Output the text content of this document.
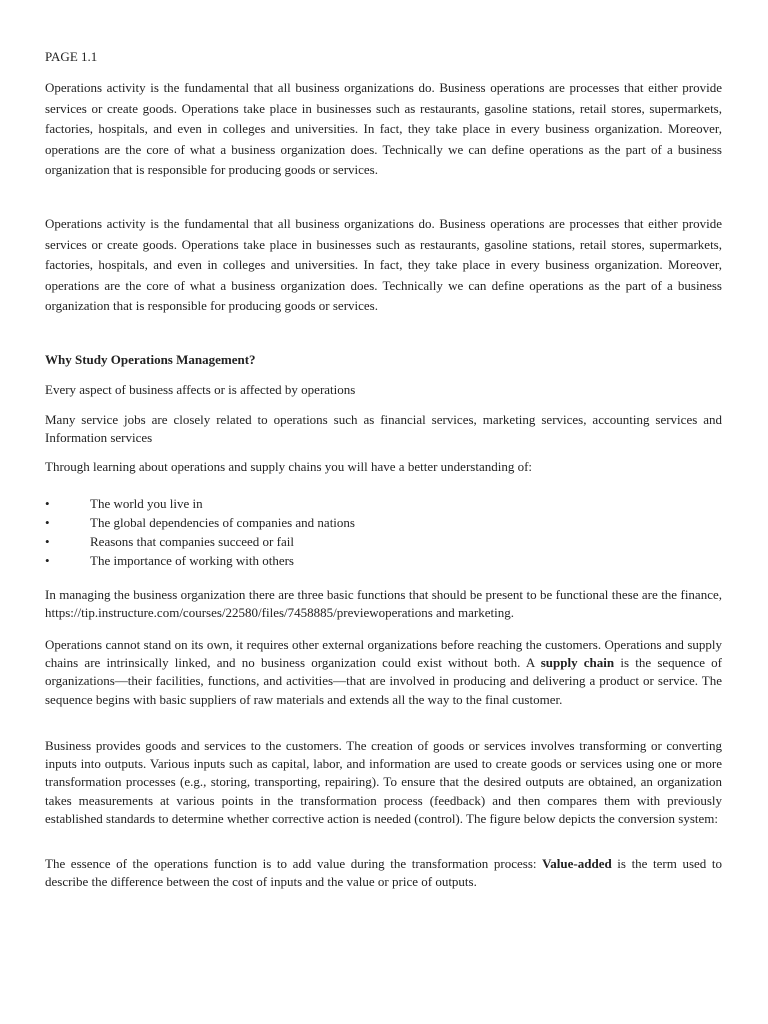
PAGE 1.1

Operations activity is the fundamental that all business organizations do. Business operations are processes that either provide services or create goods. Operations take place in businesses such as restaurants, gasoline stations, retail stores, supermarkets, factories, hospitals, and even in colleges and universities. In fact, they take place in every business organization. Moreover, operations are the core of what a business organization does. Technically we can define operations as the part of a business organization that is responsible for producing goods or services.

Operations activity is the fundamental that all business organizations do. Business operations are processes that either provide services or create goods. Operations take place in businesses such as restaurants, gasoline stations, retail stores, supermarkets, factories, hospitals, and even in colleges and universities. In fact, they take place in every business organization. Moreover, operations are the core of what a business organization does. Technically we can define operations as the part of a business organization that is responsible for producing goods or services.

Why Study Operations Management?

Every aspect of business affects or is affected by operations

Many service jobs are closely related to operations such as financial services, marketing services, accounting services and Information services

Through learning about operations and supply chains you will have a better understanding of:

•	The world you live in
•	The global dependencies of companies and nations
•	Reasons that companies succeed or fail
•	The importance of working with others

In managing the business organization there are three basic functions that should be present to be functional these are the finance, https://tip.instructure.com/courses/22580/files/7458885/previewoperations and marketing.

Operations cannot stand on its own, it requires other external organizations before reaching the customers. Operations and supply chains are intrinsically linked, and no business organization could exist without both. A supply chain is the sequence of organizations—their facilities, functions, and activities—that are involved in producing and delivering a product or service. The sequence begins with basic suppliers of raw materials and extends all the way to the final customer.

Business provides goods and services to the customers. The creation of goods or services involves transforming or converting inputs into outputs. Various inputs such as capital, labor, and information are used to create goods or services using one or more transformation processes (e.g., storing, transporting, repairing). To ensure that the desired outputs are obtained, an organization takes measurements at various points in the transformation process (feedback) and then compares them with previously established standards to determine whether corrective action is needed (control). The figure below depicts the conversion system:

The essence of the operations function is to add value during the transformation process: Value-added is the term used to describe the difference between the cost of inputs and the value or price of outputs.
